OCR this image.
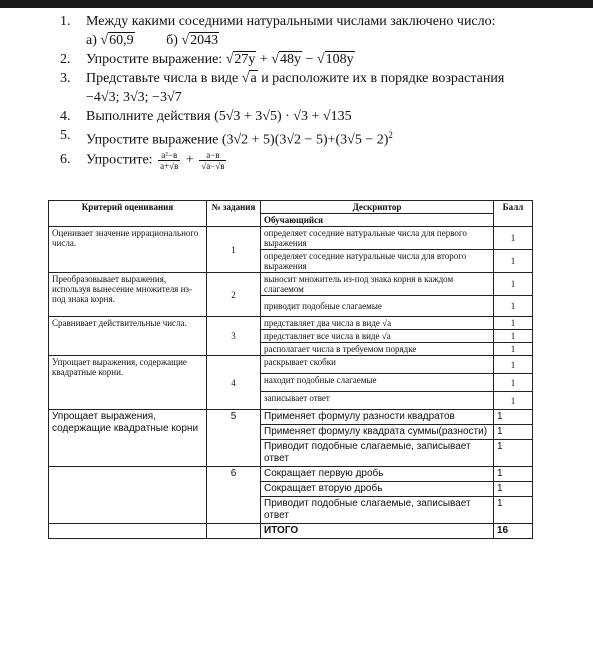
1.	Между какими соседними натуральными числами заключено число:
а) √60,9 б) √2043
2.	Упростите выражение: √27y + √48y − √108y
3.	Представьте числа в виде √a и расположите их в порядке возрастания
−4√3; 3√3; −3√7
4.	Выполните действия (5√3 + 3√5) · √3 + √135
5.	Упростите выражение $(3√2 + 5)(3√2 - 5)+(3√5 - 2)^2$
6.	Упростите: $\frac{\text{a²−в}}{a+√в} + \frac{a-в}{√a-√в}$
Критерий оценивания	№ задания	Дескриптор	Балл
		Обучающийся	
Оценивает значение иррационального числа.	1	определяет соседние натуральные числа для первого выражения	1
		определяет соседние натуральные числа для второго выражения	1
Преобразовывает выражения, используя вынесение множителя из-под знака корня.	2	выносит множитель из-под знака корня в каждом слагаемом	1
		приводит подобные слагаемые	1
Сравнивает действительные числа.	3	представляет два числа в виде √a	1
		представляет все числа в виде √a	1
		располагает числа в требуемом порядке	1
Упрощает выражения, содержащие квадратные корни.	4	раскрывает скобки	1
		находит подобные слагаемые	1
		записывает ответ	1
Упрощает выражения, содержащие квадратные корни	5	Применяет формулу разности квадратов	1
		Применяет формулу квадрата суммы(разности)	1
		Приводит подобные слагаемые, записывает ответ	1
	6	Сокращает первую дробь	1
		Сокращает вторую дробь	1
		Приводит подобные слагаемые, записывает ответ	1
		ИТОГО	16
